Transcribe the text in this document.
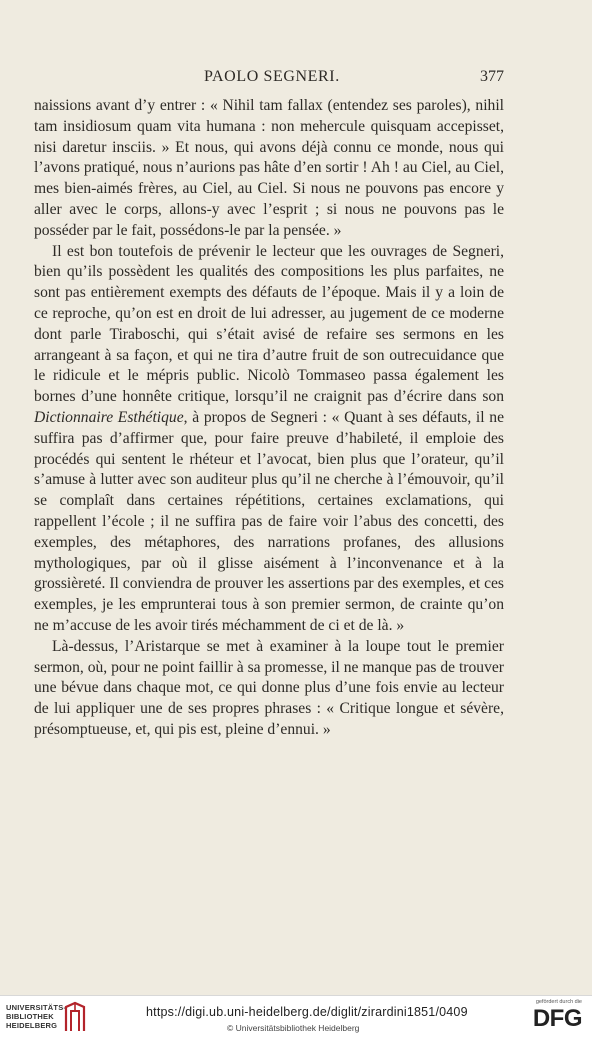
PAOLO SEGNERI.	377

naissions avant d’y entrer : « Nihil tam fallax (entendez ses paroles), nihil tam insidiosum quam vita humana : non mehercule quisquam accepisset, nisi daretur insciis. » Et nous, qui avons déjà connu ce monde, nous qui l’avons pratiqué, nous n’aurions pas hâte d’en sortir ! Ah ! au Ciel, au Ciel, mes bien-aimés frères, au Ciel, au Ciel. Si nous ne pouvons pas encore y aller avec le corps, allons-y avec l’esprit ; si nous ne pouvons pas le posséder par le fait, possédons-le par la pensée. »

Il est bon toutefois de prévenir le lecteur que les ouvrages de Segneri, bien qu’ils possèdent les qualités des compositions les plus parfaites, ne sont pas entièrement exempts des défauts de l’époque. Mais il y a loin de ce reproche, qu’on est en droit de lui adresser, au jugement de ce moderne dont parle Tiraboschi, qui s’était avisé de refaire ses sermons en les arrangeant à sa façon, et qui ne tira d’autre fruit de son outrecuidance que le ridicule et le mépris public. Nicolò Tommaseo passa également les bornes d’une honnête critique, lorsqu’il ne craignit pas d’écrire dans son Dictionnaire Esthétique, à propos de Segneri : « Quant à ses défauts, il ne suffira pas d’affirmer que, pour faire preuve d’habileté, il emploie des procédés qui sentent le rhéteur et l’avocat, bien plus que l’orateur, qu’il s’amuse à lutter avec son auditeur plus qu’il ne cherche à l’émouvoir, qu’il se complaît dans certaines répétitions, certaines exclamations, qui rappellent l’école ; il ne suffira pas de faire voir l’abus des concetti, des exemples, des métaphores, des narrations profanes, des allusions mythologiques, par où il glisse aisément à l’inconvenance et à la grossièreté. Il conviendra de prouver les assertions par des exemples, et ces exemples, je les emprunterai tous à son premier sermon, de crainte qu’on ne m’accuse de les avoir tirés méchamment de ci et de là. »

Là-dessus, l’Aristarque se met à examiner à la loupe tout le premier sermon, où, pour ne point faillir à sa promesse, il ne manque pas de trouver une bévue dans chaque mot, ce qui donne plus d’une fois envie au lecteur de lui appliquer une de ses propres phrases : « Critique longue et sévère, présomptueuse, et, qui pis est, pleine d’ennui. »

UNIVERSITÄTS-
BIBLIOTHEK
HEIDELBERG
https://digi.ub.uni-heidelberg.de/diglit/zirardini1851/0409
© Universitätsbibliothek Heidelberg
gefördert durch die
DFG
